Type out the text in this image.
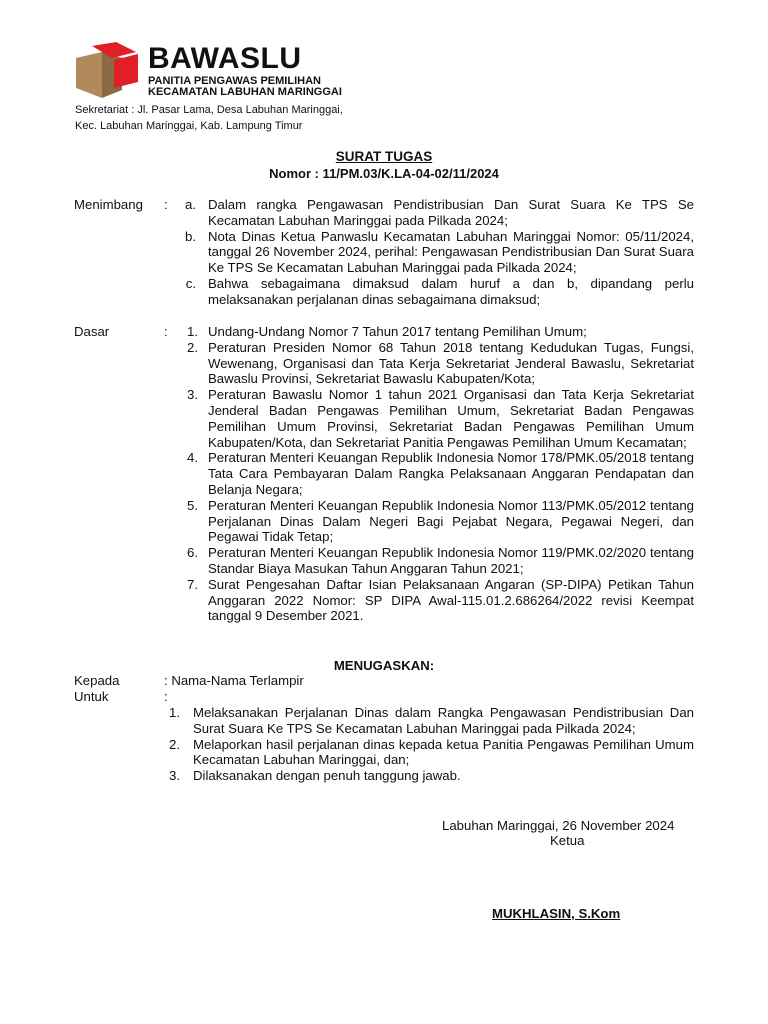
BAWASLU
PANITIA PENGAWAS PEMILIHAN
KECAMATAN LABUHAN MARINGGAI
Sekretariat : Jl. Pasar Lama, Desa Labuhan Maringgai,
Kec. Labuhan Maringgai, Kab. Lampung Timur
SURAT TUGAS
Nomor : 11/PM.03/K.LA-04-02/11/2024
Menimbang :	a. Dalam rangka Pengawasan Pendistribusian Dan Surat Suara Ke TPS Se Kecamatan Labuhan Maringgai pada Pilkada 2024;
b. Nota Dinas Ketua Panwaslu Kecamatan Labuhan Maringgai Nomor: 05/11/2024, tanggal 26 November 2024, perihal: Pengawasan Pendistribusian Dan Surat Suara Ke TPS Se Kecamatan Labuhan Maringgai pada Pilkada 2024;
c. Bahwa sebagaimana dimaksud dalam huruf a dan b, dipandang perlu melaksanakan perjalanan dinas sebagaimana dimaksud;
Dasar	:	1. Undang-Undang Nomor 7 Tahun 2017 tentang Pemilihan Umum;
2. Peraturan Presiden Nomor 68 Tahun 2018 tentang Kedudukan Tugas, Fungsi, Wewenang, Organisasi dan Tata Kerja Sekretariat Jenderal Bawaslu, Sekretariat Bawaslu Provinsi, Sekretariat Bawaslu Kabupaten/Kota;
3. Peraturan Bawaslu Nomor 1 tahun 2021 Organisasi dan Tata Kerja Sekretariat Jenderal Badan Pengawas Pemilihan Umum, Sekretariat Badan Pengawas Pemilihan Umum Provinsi, Sekretariat Badan Pengawas Pemilihan Umum Kabupaten/Kota, dan Sekretariat Panitia Pengawas Pemilihan Umum Kecamatan;
4. Peraturan Menteri Keuangan Republik Indonesia Nomor 178/PMK.05/2018 tentang Tata Cara Pembayaran Dalam Rangka Pelaksanaan Anggaran Pendapatan dan Belanja Negara;
5. Peraturan Menteri Keuangan Republik Indonesia Nomor 113/PMK.05/2012 tentang Perjalanan Dinas Dalam Negeri Bagi Pejabat Negara, Pegawai Negeri, dan Pegawai Tidak Tetap;
6. Peraturan Menteri Keuangan Republik Indonesia Nomor 119/PMK.02/2020 tentang Standar Biaya Masukan Tahun Anggaran Tahun 2021;
7. Surat Pengesahan Daftar Isian Pelaksanaan Angaran (SP-DIPA) Petikan Tahun Anggaran 2022 Nomor: SP DIPA Awal-115.01.2.686264/2022 revisi Keempat tanggal 9 Desember 2021.
MENUGASKAN:
Kepada	: Nama-Nama Terlampir
Untuk	:
1. Melaksanakan Perjalanan Dinas dalam Rangka Pengawasan Pendistribusian Dan Surat Suara Ke TPS Se Kecamatan Labuhan Maringgai pada Pilkada 2024;
2. Melaporkan hasil perjalanan dinas kepada ketua Panitia Pengawas Pemilihan Umum Kecamatan Labuhan Maringgai, dan;
3. Dilaksanakan dengan penuh tanggung jawab.
Labuhan Maringgai, 26 November 2024
Ketua
MUKHLASIN, S.Kom
